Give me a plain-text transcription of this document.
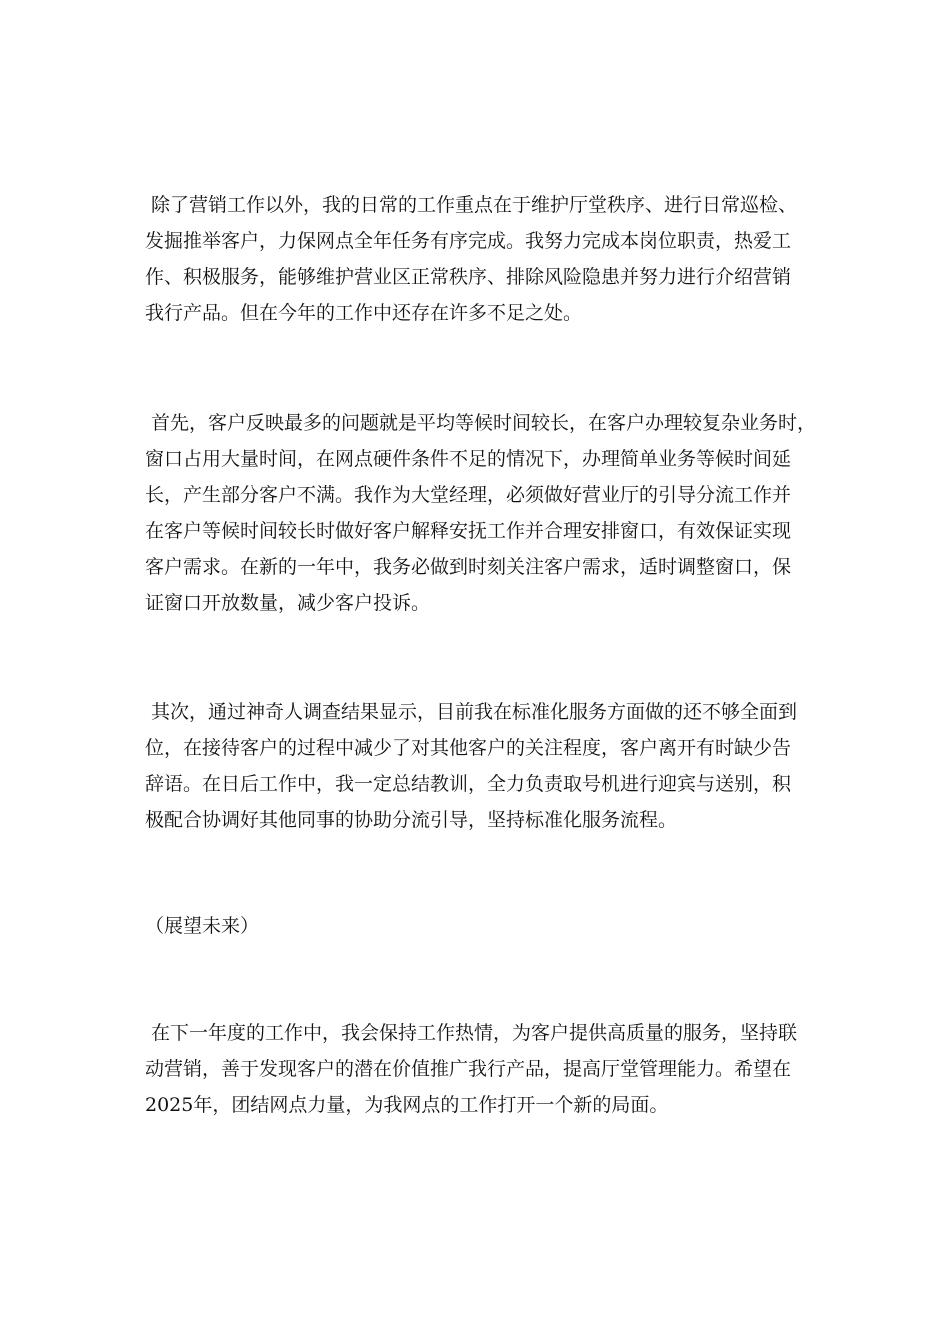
除了营销工作以外，我的日常的工作重点在于维护厅堂秩序、进行日常巡检、
发掘推举客户，力保网点全年任务有序完成。我努力完成本岗位职责，热爱工
作、积极服务，能够维护营业区正常秩序、排除风险隐患并努力进行介绍营销
我行产品。但在今年的工作中还存在许多不足之处。
首先，客户反映最多的问题就是平均等候时间较长，在客户办理较复杂业务时，
窗口占用大量时间，在网点硬件条件不足的情况下，办理简单业务等候时间延
长，产生部分客户不满。我作为大堂经理，必须做好营业厅的引导分流工作并
在客户等候时间较长时做好客户解释安抚工作并合理安排窗口，有效保证实现
客户需求。在新的一年中，我务必做到时刻关注客户需求，适时调整窗口，保
证窗口开放数量，减少客户投诉。
其次，通过神奇人调查结果显示，目前我在标准化服务方面做的还不够全面到
位，在接待客户的过程中减少了对其他客户的关注程度，客户离开有时缺少告
辞语。在日后工作中，我一定总结教训，全力负责取号机进行迎宾与送别，积
极配合协调好其他同事的协助分流引导，坚持标准化服务流程。
（展望未来）
在下一年度的工作中，我会保持工作热情，为客户提供高质量的服务，坚持联
动营销，善于发现客户的潜在价值推广我行产品，提高厅堂管理能力。希望在
2025年，团结网点力量，为我网点的工作打开一个新的局面。
